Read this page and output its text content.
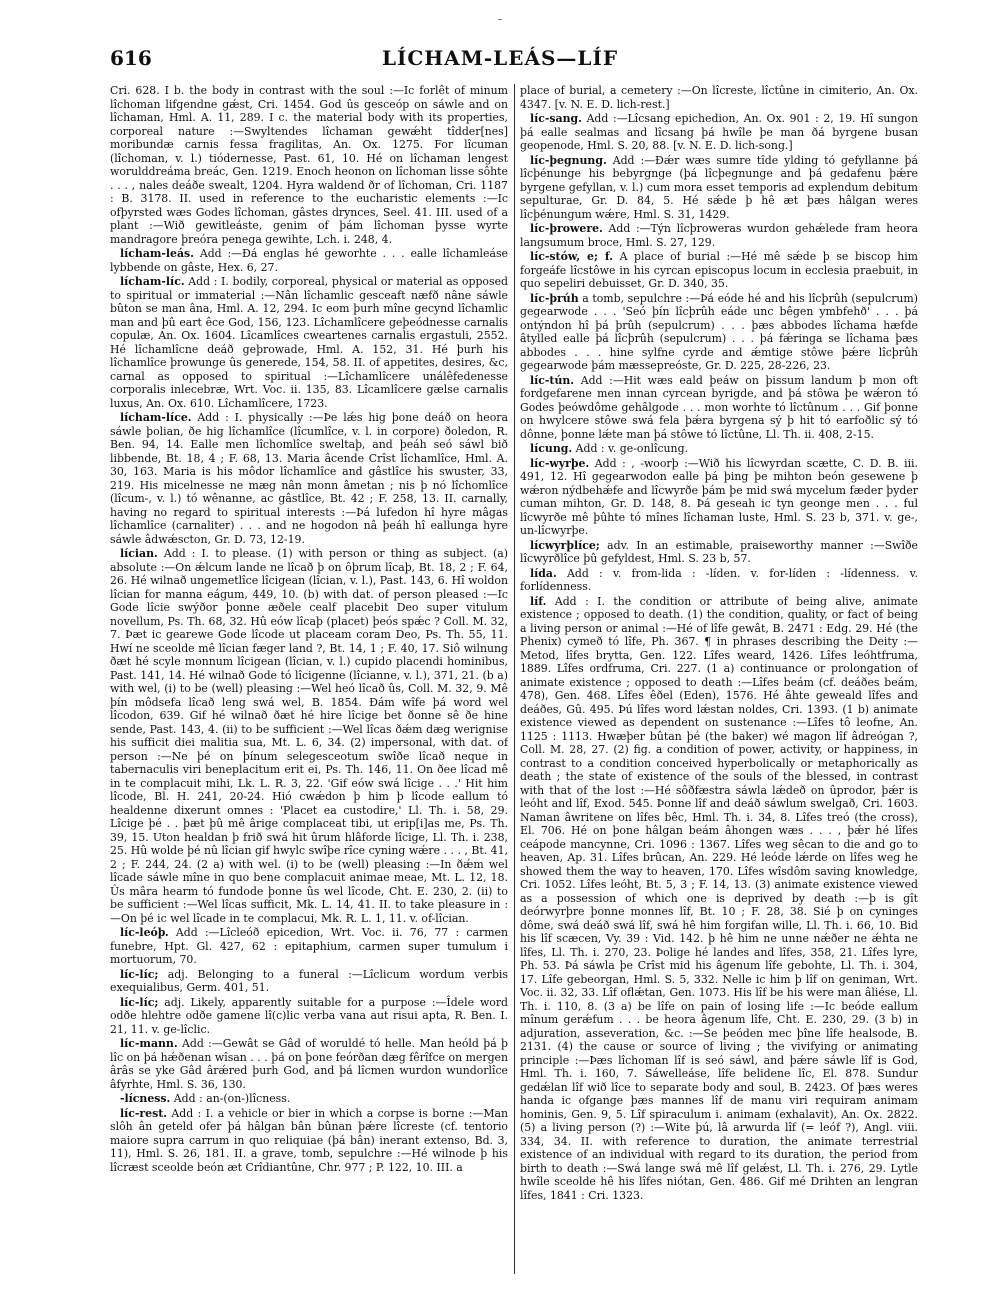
-
616	LÍCHAM-LEÁS—LÍF

Cri. 628. I b. the body in contrast with the soul :—Ic forlêt of minum lîchoman lifgendne gǽst, Cri. 1454. God ûs gesceóp on sáwle and on lîchaman, Hml. A. 11, 289. I c. the material body with its properties, corporeal nature :—Swyltendes lîchaman gewǽht tîdder[nes] moribundæ carnis fessa fragilitas, An. Ox. 1275. For lîcuman (lîchoman, v. l.) tiódernesse, Past. 61, 10. Hé on lîchaman lengest worulddreáma breác, Gen. 1219. Enoch heonon on lîchoman lisse sôhte . . . , nales deáðe swealt, 1204. Hyra waldend ðr of lîchoman, Cri. 1187 : B. 3178. II. used in reference to the eucharistic elements :—Ic ofþyrsted wæs Godes lîchoman, gâstes drynces, Seel. 41. III. used of a plant :—Wið gewitleáste, genim of þám lîchoman þysse wyrte mandragore þreóra penega gewihte, Lch. i. 248, 4.

lícham-leás. Add :—Ðá englas hé geworhte . . . ealle lîchamleáse lybbende on gâste, Hex. 6, 27.

lícham-líc. Add : I. bodily, corporeal, physical or material as opposed to spiritual or immaterial :—Nân lîchamlic gesceaft næfð nâne sáwle bûton se man âna, Hml. A. 12, 294. Ic eom þurh mîne gecynd lîchamlic man and þû eart êce God, 156, 123. Lîchamlîcere geþeódnesse carnalis copulæ, An. Ox. 1604. Lîcamlîces cweartenes carnalis ergastuli, 2552. Hé lîchamlîcne deáð geþrowade, Hml. A. 152, 31. Hé þurh his lîchamlîce þrowunge ûs generede, 154, 58. II. of appetites, desires, &c, carnal as opposed to spiritual :—Lîchamlîcere unálêfedenesse corporalis inlecebræ, Wrt. Voc. ii. 135, 83. Lîcamlîcere gælse carnalis luxus, An. Ox. 610. Lîchamlîcere, 1723.

lícham-líce. Add : I. physically :—Þe lǽs hig þone deáð on heora sáwle þolian, ðe hig lîchamlîce (lîcumlîce, v. l. in corpore) ðoledon, R. Ben. 94, 14. Ealle men lîchomlîce sweltaþ, and þeáh seó sáwl bið libbende, Bt. 18, 4 ; F. 68, 13. Maria âcende Crîst lîchamlîce, Hml. A. 30, 163. Maria is his môdor lîchamlîce and gâstlîce his swuster, 33, 219. His micelnesse ne mæg nân monn âmetan ; nis þ nó lîchomlîce (lîcum-, v. l.) tó wênanne, ac gâstlîce, Bt. 42 ; F. 258, 13. II. carnally, having no regard to spiritual interests :—Þá lufedon hî hyre mâgas lîchamlîce (carnaliter) . . . and ne hogodon nâ þeáh hî eallunga hyre sáwle âdwǽscton, Gr. D. 73, 12-19.

lícian. Add : I. to please. (1) with person or thing as subject. (a) absolute :—On ǽlcum lande ne lîcað þ on ôþrum lîcaþ, Bt. 18, 2 ; F. 64, 26. Hé wilnað ungemetlîce lîcigean (lîcian, v. l.), Past. 143, 6. Hî woldon lîcian for manna eágum, 449, 10. (b) with dat. of person pleased :—Ic Gode lîcie swýðor þonne æðele cealf placebit Deo super vitulum novellum, Ps. Th. 68, 32. Hû eów lîcaþ (placet) þeós spǽc ? Coll. M. 32, 7. Þæt ic gearewe Gode lîcode ut placeam coram Deo, Ps. Th. 55, 11. Hwí ne sceolde mê lîcian fæger land ?, Bt. 14, 1 ; F. 40, 17. Siô wilnung ðæt hé scyle monnum lîcigean (lîcian, v. l.) cupido placendi hominibus, Past. 141, 14. Hé wilnað Gode tó lîcigenne (lîcianne, v. l.), 371, 21. (b a) with wel, (i) to be (well) pleasing :—Wel heó lîcað ûs, Coll. M. 32, 9. Mê þín môdsefa lîcað leng swá wel, B. 1854. Ðám wîfe þá word wel lîcodon, 639. Gif hé wilnað ðæt hé hire lîcige bet ðonne sê ðe hine sende, Past. 143, 4. (ii) to be sufficient :—Wel lîcas ðǽm dæg werignise his sufficit diei malitia sua, Mt. L. 6, 34. (2) impersonal, with dat. of person :—Ne þé on þínum selegesceotum swîðe lîcað neque in tabernaculis viri beneplacitum erit ei, Ps. Th. 146, 11. On ðee lîcad mê in te complacuit mihi, Lk. L. R. 3, 22. 'Gif eów swá lîcige . . .' Hit him lîcode, Bl. H. 241, 20-24. Hió cwǽdon þ him þ lîcode eallum tó healdenne dixerunt omnes : 'Placet ea custodire,' Ll. Th. i. 58, 29. Lîcige þé . . þæt þû mê ârige complaceat tibi, ut erip[i]as me, Ps. Th. 39, 15. Uton healdan þ frið swá hit ûrum hlâforde lîcige, Ll. Th. i. 238, 25. Hû wolde þé nû lîcian gif hwylc swîþe rîce cyning wǽre . . . , Bt. 41, 2 ; F. 244, 24. (2 a) with wel. (i) to be (well) pleasing :—In ðǽm wel lîcade sáwle mîne in quo bene complacuit animae meae, Mt. L. 12, 18. Ûs mâra hearm tó fundode þonne ûs wel lîcode, Cht. E. 230, 2. (ii) to be sufficient :—Wel lîcas sufficit, Mk. L. 14, 41. II. to take pleasure in :—On þé ic wel lîcade in te complacui, Mk. R. L. 1, 11. v. of-lîcian.

líc-leóþ. Add :—Lîcleóð epicedion, Wrt. Voc. ii. 76, 77 : carmen funebre, Hpt. Gl. 427, 62 : epitaphium, carmen super tumulum i mortuorum, 70.

líc-líc; adj. Belonging to a funeral :—Lîclicum wordum verbis exequialibus, Germ. 401, 51.

líc-líc; adj. Likely, apparently suitable for a purpose :—Îdele word odðe hlehtre odðe gamene lî(c)lic verba vana aut risui apta, R. Ben. I. 21, 11. v. ge-lîclic.

líc-mann. Add :—Gewât se Gâd of woruldé tó helle. Man heóld þá þ lîc on þá hǽðenan wîsan . . . þá on þone feórðan dæg fêrîfce on mergen ârâs se yke Gâd ârǽred þurh God, and þá lîcmen wurdon wundorlîce âfyrhte, Hml. S. 36, 130.

-lícness. Add : an-(on-)lîcness.

líc-rest. Add : I. a vehicle or bier in which a corpse is borne :—Man slôh ân geteld ofer þá hâlgan bân bûnan þǽre lîcreste (cf. tentorio maiore supra carrum in quo reliquiae (þá bân) inerant extenso, Bd. 3, 11), Hml. S. 26, 181. II. a grave, tomb, sepulchre :—Hé wilnode þ his lîcræst sceolde beón æt Crîdiantûne, Chr. 977 ; P. 122, 10. III. a

place of burial, a cemetery :—On lîcreste, lîctûne in cimiterio, An. Ox. 4347. [v. N. E. D. lich-rest.]

líc-sang. Add :—Lîcsang epichedion, An. Ox. 901 : 2, 19. Hî sungon þá ealle sealmas and lîcsang þá hwîle þe man ðá byrgene busan geopenode, Hml. S. 20, 88. [v. N. E. D. lich-song.]

líc-þegnung. Add :—Ðǽr wæs sumre tîde ylding tó gefyllanne þá lîcþénunge his bebyrgnge (þá lîcþegnunge and þá gedafenu þǽre byrgene gefyllan, v. l.) cum mora esset temporis ad explendum debitum sepulturae, Gr. D. 84, 5. Hé sǽde þ hê æt þæs hâlgan weres lîcþénungum wǽre, Hml. S. 31, 1429.

líc-þrowere. Add :—Týn lîcþroweras wurdon gehǽlede fram heora langsumum broce, Hml. S. 27, 129.

líc-stów, e; f. A place of burial :—Hé mê sǽde þ se biscop him forgeáfe lîcstôwe in his cyrcan episcopus locum in ecclesia praebuit, in quo sepeliri debuisset, Gr. D. 340, 35.

líc-þrúh a tomb, sepulchre :—Þá eóde hé and his lîcþrûh (sepulcrum) gegearwode . . . 'Seó þín lîcþrûh eáde unc bêgen ymbfehð' . . . þá ontýndon hî þá þrûh (sepulcrum) . . . þæs abbodes lîchama hæfde âtylled ealle þá lîcþrûh (sepulcrum) . . . þá fǽringa se lîchama þæs abbodes . . . hine sylfne cyrde and ǽmtige stôwe þǽre lîcþrûh gegearwode þám mæssepreóste, Gr. D. 225, 28-226, 23.

líc-tún. Add :—Hit wæs eald þeáw on þissum landum þ mon oft fordgefarene men innan cyrcean byrigde, and þá stôwa þe wǽron tó Godes þeówdôme gehâlgode . . . mon worhte tó lîctûnum . . . Gif þonne on hwylcere stôwe swá fela þǽra byrgena sý þ hit tó earfoðlic sý tó dônne, þonne lǽte man þá stôwe tó lîctûne, Ll. Th. ii. 408, 2-15.

lícung. Add : v. ge-onlîcung.

líc-wyrþe. Add : , -woorþ :—Wið his lîcwyrdan scætte, C. D. B. iii. 491, 12. Hî gegearwodon ealle þá þing þe mihton beón gesewene þ wǽron nýdbehǽfe and lîcwyrðe þám þe mid swá mycelum fæder þyder cuman mihton, Gr. D. 148, 8. Þá geseah ic tyn geonge men . . . ful lîcwyrðe mê þûhte tó mînes lîchaman luste, Hml. S. 23 b, 371. v. ge-, un-lîcwyrþe.

lícwyrþlíce; adv. In an estimable, praiseworthy manner :—Swîðe lîcwyrðlîce þû gefyldest, Hml. S. 23 b, 57.

lída. Add : v. from-lida : -líden. v. for-líden : -lídenness. v. forlídenness.

líf. Add : I. the condition or attribute of being alive, animate existence ; opposed to death. (1) the condition, quality, or fact of being a living person or animal :—Hé of lîfe gewât, B. 2471 : Edg. 29. Hé (the Phenix) cymeð tó lîfe, Ph. 367. ¶ in phrases describing the Deity :—Metod, lîfes brytta, Gen. 122. Lîfes weard, 1426. Lîfes leóhtfruma, 1889. Lîfes ordfruma, Cri. 227. (1 a) continuance or prolongation of animate existence ; opposed to death :—Lîfes beám (cf. deáðes beám, 478), Gen. 468. Lîfes êðel (Eden), 1576. Hé âhte geweald lîfes and deáðes, Gû. 495. Þú lîfes word lǽstan noldes, Cri. 1393. (1 b) animate existence viewed as dependent on sustenance :—Lîfes tô leofne, An. 1125 : 1113. Hwæþer bûtan þé (the baker) wé magon lîf âdreógan ?, Coll. M. 28, 27. (2) fig. a condition of power, activity, or happiness, in contrast to a condition conceived hyperbolically or metaphorically as death ; the state of existence of the souls of the blessed, in contrast with that of the lost :—Hé sôðfæstra sáwla lǽdeð on ûprodor, þǽr is leóht and lîf, Exod. 545. Þonne lîf and deáð sáwlum swelgað, Cri. 1603. Naman âwritene on lîfes bêc, Hml. Th. i. 34, 8. Lîfes treó (the cross), El. 706. Hé on þone hâlgan beám âhongen wæs . . . , þǽr hé lîfes ceápode mancynne, Cri. 1096 : 1367. Lîfes weg sêcan to die and go to heaven, Ap. 31. Lîfes brûcan, An. 229. Hé leóde lǽrde on lîfes weg he showed them the way to heaven, 170. Lîfes wîsdôm saving knowledge, Cri. 1052. Lîfes leóht, Bt. 5, 3 ; F. 14, 13. (3) animate existence viewed as a possession of which one is deprived by death :—þ is gît deórwyrþre þonne monnes lîf, Bt. 10 ; F. 28, 38. Sié þ on cyninges dôme, swá deáð swá lîf, swá hê him forgifan wille, Ll. Th. i. 66, 10. Bid his lîf scæcen, Vy. 39 : Vid. 142. þ hê him ne unne nǽðer ne ǽhta ne lîfes, Ll. Th. i. 270, 23. Þolige hé landes and lîfes, 358, 21. Lîfes lyre, Ph. 53. Þá sáwla þe Crîst mid his âgenum lîfe gebohte, Ll. Th. i. 304, 17. Lîfe gebeorgan, Hml. S. 5, 332. Nelle ic him þ lîf on geniman, Wrt. Voc. ii. 32, 33. Lîf oflǽtan, Gen. 1073. His lîf be his were man âliése, Ll. Th. i. 110, 8. (3 a) be lîfe on pain of losing life :—Ic beóde eallum mînum gerǽfum . . . be heora âgenum lîfe, Cht. E. 230, 29. (3 b) in adjuration, asseveration, &c. :—Se þeóden mec þîne lîfe healsode, B. 2131. (4) the cause or source of living ; the vivifying or animating principle :—Þæs lîchoman lîf is seó sáwl, and þǽre sáwle lîf is God, Hml. Th. i. 160, 7. Sáwelleáse, lîfe belidene lîc, El. 878. Sundur gedǽlan lîf wið lîce to separate body and soul, B. 2423. Of þæs weres handa ic ofgange þæs mannes lîf de manu viri requiram animam hominis, Gen. 9, 5. Lîf spiraculum i. animam (exhalavit), An. Ox. 2822. (5) a living person (?) :—Wite þú, lâ arwurda lîf (= leóf ?), Angl. viii. 334, 34. II. with reference to duration, the animate terrestrial existence of an individual with regard to its duration, the period from birth to death :—Swá lange swá mê lîf gelǽst, Ll. Th. i. 276, 29. Lytle hwîle sceolde hê his lîfes niótan, Gen. 486. Gif mé Drihten an lengran lîfes, 1841 : Cri. 1323.
